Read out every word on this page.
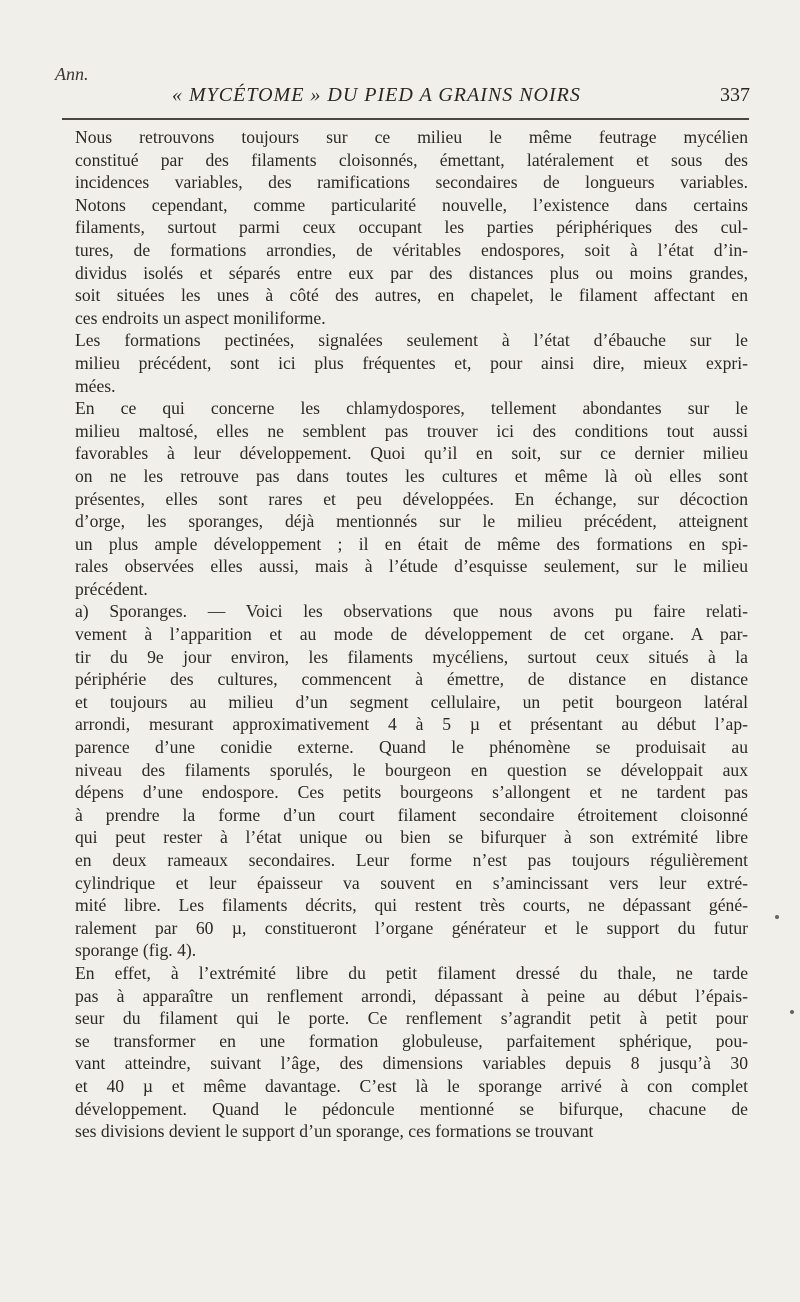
Ann.
« MYCÉTOME » DU PIED A GRAINS NOIRS	337

Nous retrouvons toujours sur ce milieu le même feutrage mycélien
constitué par des filaments cloisonnés, émettant, latéralement et sous des
incidences variables, des ramifications secondaires de longueurs variables.
Notons cependant, comme particularité nouvelle, l’existence dans certains
filaments, surtout parmi ceux occupant les parties périphériques des cul-
tures, de formations arrondies, de véritables endospores, soit à l’état d’in-
dividus isolés et séparés entre eux par des distances plus ou moins grandes,
soit situées les unes à côté des autres, en chapelet, le filament affectant en
ces endroits un aspect moniliforme.

Les formations pectinées, signalées seulement à l’état d’ébauche sur le
milieu précédent, sont ici plus fréquentes et, pour ainsi dire, mieux expri-
mées.

En ce qui concerne les chlamydospores, tellement abondantes sur le
milieu maltosé, elles ne semblent pas trouver ici des conditions tout aussi
favorables à leur développement. Quoi qu’il en soit, sur ce dernier milieu
on ne les retrouve pas dans toutes les cultures et même là où elles sont
présentes, elles sont rares et peu développées. En échange, sur décoction
d’orge, les sporanges, déjà mentionnés sur le milieu précédent, atteignent
un plus ample développement ; il en était de même des formations en spi-
rales observées elles aussi, mais à l’étude d’esquisse seulement, sur le milieu
précédent.

a) Sporanges. — Voici les observations que nous avons pu faire relati-
vement à l’apparition et au mode de développement de cet organe. A par-
tir du 9e jour environ, les filaments mycéliens, surtout ceux situés à la
périphérie des cultures, commencent à émettre, de distance en distance
et toujours au milieu d’un segment cellulaire, un petit bourgeon latéral
arrondi, mesurant approximativement 4 à 5 µ et présentant au début l’ap-
parence d’une conidie externe. Quand le phénomène se produisait au
niveau des filaments sporulés, le bourgeon en question se développait aux
dépens d’une endospore. Ces petits bourgeons s’allongent et ne tardent pas
à prendre la forme d’un court filament secondaire étroitement cloisonné
qui peut rester à l’état unique ou bien se bifurquer à son extrémité libre
en deux rameaux secondaires. Leur forme n’est pas toujours régulièrement
cylindrique et leur épaisseur va souvent en s’amincissant vers leur extré-
mité libre. Les filaments décrits, qui restent très courts, ne dépassant géné-
ralement par 60 µ, constitueront l’organe générateur et le support du futur
sporange (fig. 4).

En effet, à l’extrémité libre du petit filament dressé du thale, ne tarde
pas à apparaître un renflement arrondi, dépassant à peine au début l’épais-
seur du filament qui le porte. Ce renflement s’agrandit petit à petit pour
se transformer en une formation globuleuse, parfaitement sphérique, pou-
vant atteindre, suivant l’âge, des dimensions variables depuis 8 jusqu’à 30
et 40 µ et même davantage. C’est là le sporange arrivé à con complet
développement. Quand le pédoncule mentionné se bifurque, chacune de
ses divisions devient le support d’un sporange, ces formations se trouvant
